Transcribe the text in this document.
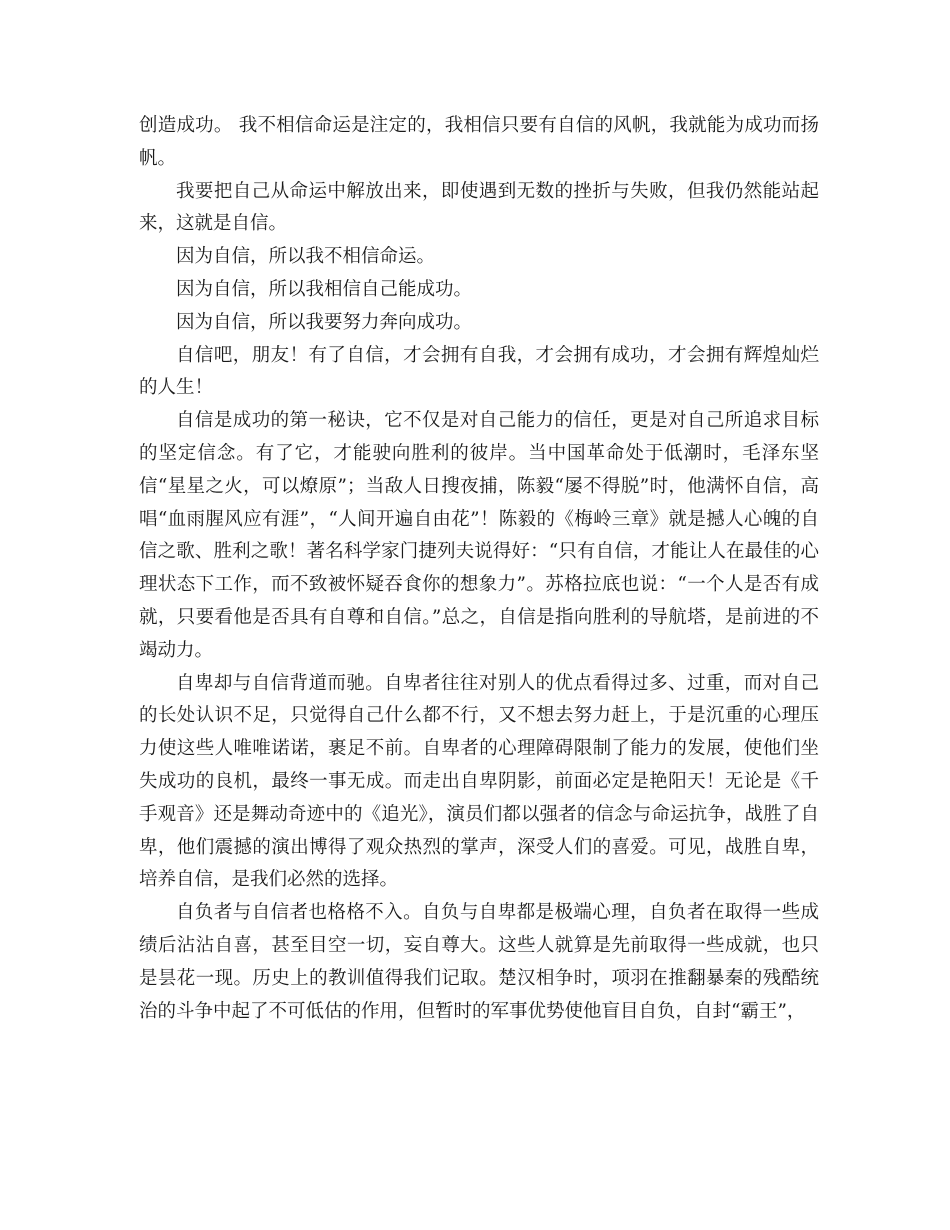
创造成功。 我不相信命运是注定的，我相信只要有自信的风帆，我就能为成功而扬帆。

我要把自己从命运中解放出来，即使遇到无数的挫折与失败，但我仍然能站起来，这就是自信。

因为自信，所以我不相信命运。

因为自信，所以我相信自己能成功。

因为自信，所以我要努力奔向成功。

自信吧，朋友！有了自信，才会拥有自我，才会拥有成功，才会拥有辉煌灿烂的人生！

自信是成功的第一秘诀，它不仅是对自己能力的信任，更是对自己所追求目标的坚定信念。有了它，才能驶向胜利的彼岸。当中国革命处于低潮时，毛泽东坚信“星星之火，可以燎原”；当敌人日搜夜捕，陈毅“屡不得脱”时，他满怀自信，高唱“血雨腥风应有涯”，“人间开遍自由花”！陈毅的《梅岭三章》就是撼人心魄的自信之歌、胜利之歌！著名科学家门捷列夫说得好：“只有自信，才能让人在最佳的心理状态下工作，而不致被怀疑吞食你的想象力”。苏格拉底也说：“一个人是否有成就，只要看他是否具有自尊和自信。”总之，自信是指向胜利的导航塔，是前进的不竭动力。

自卑却与自信背道而驰。自卑者往往对别人的优点看得过多、过重，而对自己的长处认识不足，只觉得自己什么都不行，又不想去努力赶上，于是沉重的心理压力使这些人唯唯诺诺，裹足不前。自卑者的心理障碍限制了能力的发展，使他们坐失成功的良机，最终一事无成。而走出自卑阴影，前面必定是艳阳天！无论是《千手观音》还是舞动奇迹中的《追光》，演员们都以强者的信念与命运抗争，战胜了自卑，他们震撼的演出博得了观众热烈的掌声，深受人们的喜爱。可见，战胜自卑，培养自信，是我们必然的选择。

自负者与自信者也格格不入。自负与自卑都是极端心理，自负者在取得一些成绩后沾沾自喜，甚至目空一切，妄自尊大。这些人就算是先前取得一些成就，也只是昙花一现。历史上的教训值得我们记取。楚汉相争时，项羽在推翻暴秦的残酷统治的斗争中起了不可低估的作用，但暂时的军事优势使他盲目自负，自封“霸王”，
